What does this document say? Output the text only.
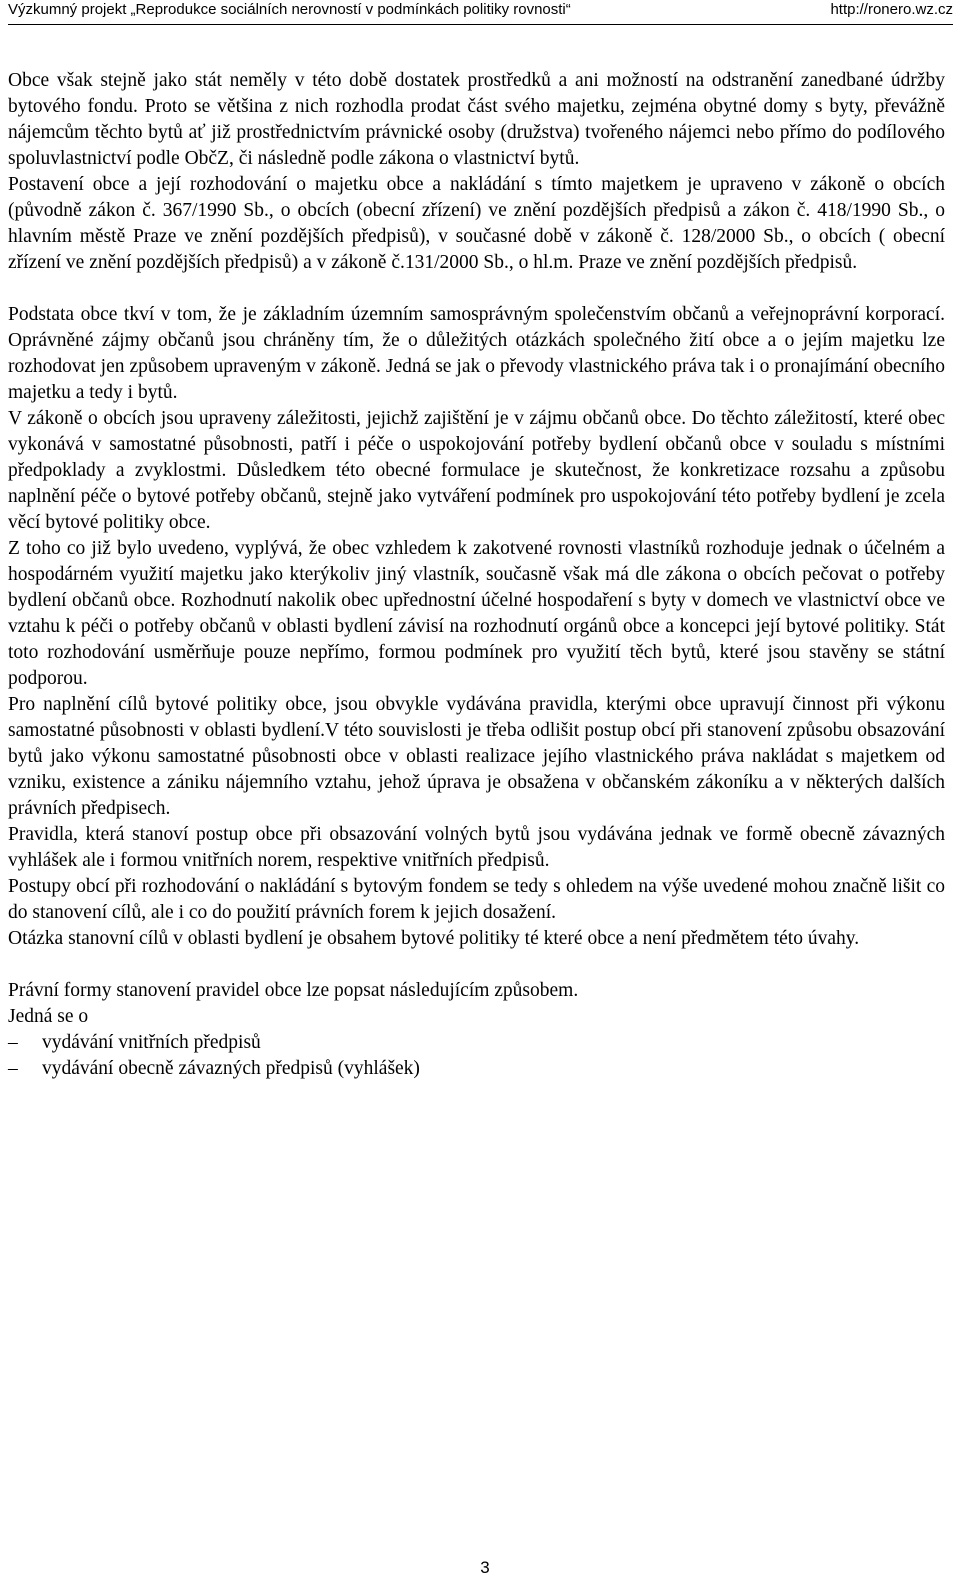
Výzkumný projekt „Reprodukce sociálních nerovností v podmínkách politiky rovnosti“	http://ronero.wz.cz

Obce však stejně jako stát neměly v této době dostatek prostředků a ani možností na odstranění zanedbané údržby bytového fondu. Proto se většina z nich rozhodla prodat část svého majetku, zejména obytné domy s byty, převážně nájemcům těchto bytů ať již prostřednictvím právnické osoby (družstva) tvořeného nájemci nebo přímo do podílového spoluvlastnictví podle ObčZ, či následně podle zákona o vlastnictví bytů.

Postavení obce a její rozhodování o majetku obce a nakládání s tímto majetkem je upraveno v zákoně o obcích (původně zákon č. 367/1990 Sb., o obcích (obecní zřízení) ve znění pozdějších předpisů a zákon č. 418/1990 Sb., o hlavním městě Praze ve znění pozdějších předpisů), v současné době v zákoně č. 128/2000 Sb., o obcích ( obecní zřízení ve znění pozdějších předpisů) a v zákoně č.131/2000 Sb., o hl.m. Praze ve znění pozdějších předpisů.

Podstata obce tkví v tom, že je základním územním samosprávným společenstvím občanů a veřejnoprávní korporací. Oprávněné zájmy občanů jsou chráněny tím, že o důležitých otázkách společného žití obce a o jejím majetku lze rozhodovat jen způsobem upraveným v zákoně. Jedná se jak o převody vlastnického práva tak i o pronajímání obecního majetku a tedy i bytů.

V zákoně o obcích jsou upraveny záležitosti, jejichž zajištění je v zájmu občanů obce. Do těchto záležitostí, které obec vykonává v samostatné působnosti, patří i péče o uspokojování potřeby bydlení občanů obce v souladu s místními předpoklady a zvyklostmi. Důsledkem této obecné formulace je skutečnost, že konkretizace rozsahu a způsobu naplnění péče o bytové potřeby občanů, stejně jako vytváření podmínek pro uspokojování této potřeby bydlení je zcela věcí bytové politiky obce.

Z toho co již bylo uvedeno, vyplývá, že obec vzhledem k zakotvené rovnosti vlastníků rozhoduje jednak o účelném a hospodárném využití majetku jako kterýkoliv jiný vlastník, současně však má dle zákona o obcích pečovat o potřeby bydlení občanů obce. Rozhodnutí nakolik obec upřednostní účelné hospodaření s byty v domech ve vlastnictví obce ve vztahu k péči o potřeby občanů v oblasti bydlení závisí na rozhodnutí orgánů obce a koncepci její bytové politiky. Stát toto rozhodování usměrňuje pouze nepřímo, formou podmínek pro využití těch bytů, které jsou stavěny se státní podporou.

Pro naplnění cílů bytové politiky obce, jsou obvykle vydávána pravidla, kterými obce upravují činnost při výkonu samostatné působnosti v oblasti bydlení.V této souvislosti je třeba odlišit postup obcí při stanovení způsobu obsazování bytů jako výkonu samostatné působnosti obce v oblasti realizace jejího vlastnického práva nakládat s majetkem od vzniku, existence a zániku nájemního vztahu, jehož úprava je obsažena v občanském zákoníku a v některých dalších právních předpisech.

Pravidla, která stanoví postup obce při obsazování volných bytů jsou vydávána jednak ve formě obecně závazných vyhlášek ale i formou vnitřních norem, respektive vnitřních předpisů.

Postupy obcí při rozhodování o nakládání s bytovým fondem se tedy s ohledem na výše uvedené mohou značně lišit co do stanovení cílů, ale i co do použití právních forem k jejich dosažení.

Otázka stanovní cílů v oblasti bydlení je obsahem bytové politiky té které obce a není předmětem této úvahy.

Právní formy stanovení pravidel obce lze popsat následujícím způsobem.

Jedná se o

–	vydávání vnitřních předpisů
–	vydávání obecně závazných předpisů (vyhlášek)
3
